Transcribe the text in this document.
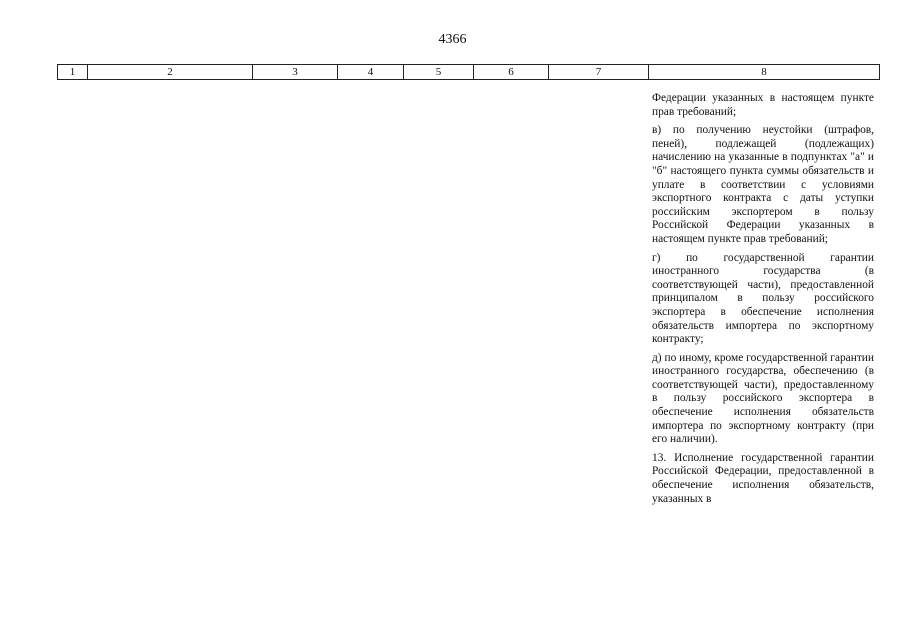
4366
1	2	3	4	5	6	7	8

Федерации указанных в настоящем пункте прав требований;

в) по получению неустойки (штрафов, пеней), подлежащей (подлежащих) начислению на указанные в подпунктах "а" и "б" настоящего пункта суммы обязательств и уплате в соответствии с условиями экспортного контракта с даты уступки российским экспортером в пользу Российской Федерации указанных в настоящем пункте прав требований;

г) по государственной гарантии иностранного государства (в соответствующей части), предоставленной принципалом в пользу российского экспортера в обеспечение исполнения обязательств импортера по экспортному контракту;

д) по иному, кроме государственной гарантии иностранного государства, обеспечению (в соответствующей части), предоставленному в пользу российского экспортера в обеспечение исполнения обязательств импортера по экспортному контракту (при его наличии).

13. Исполнение государственной гарантии Российской Федерации, предоставленной в обеспечение исполнения обязательств, указанных в
